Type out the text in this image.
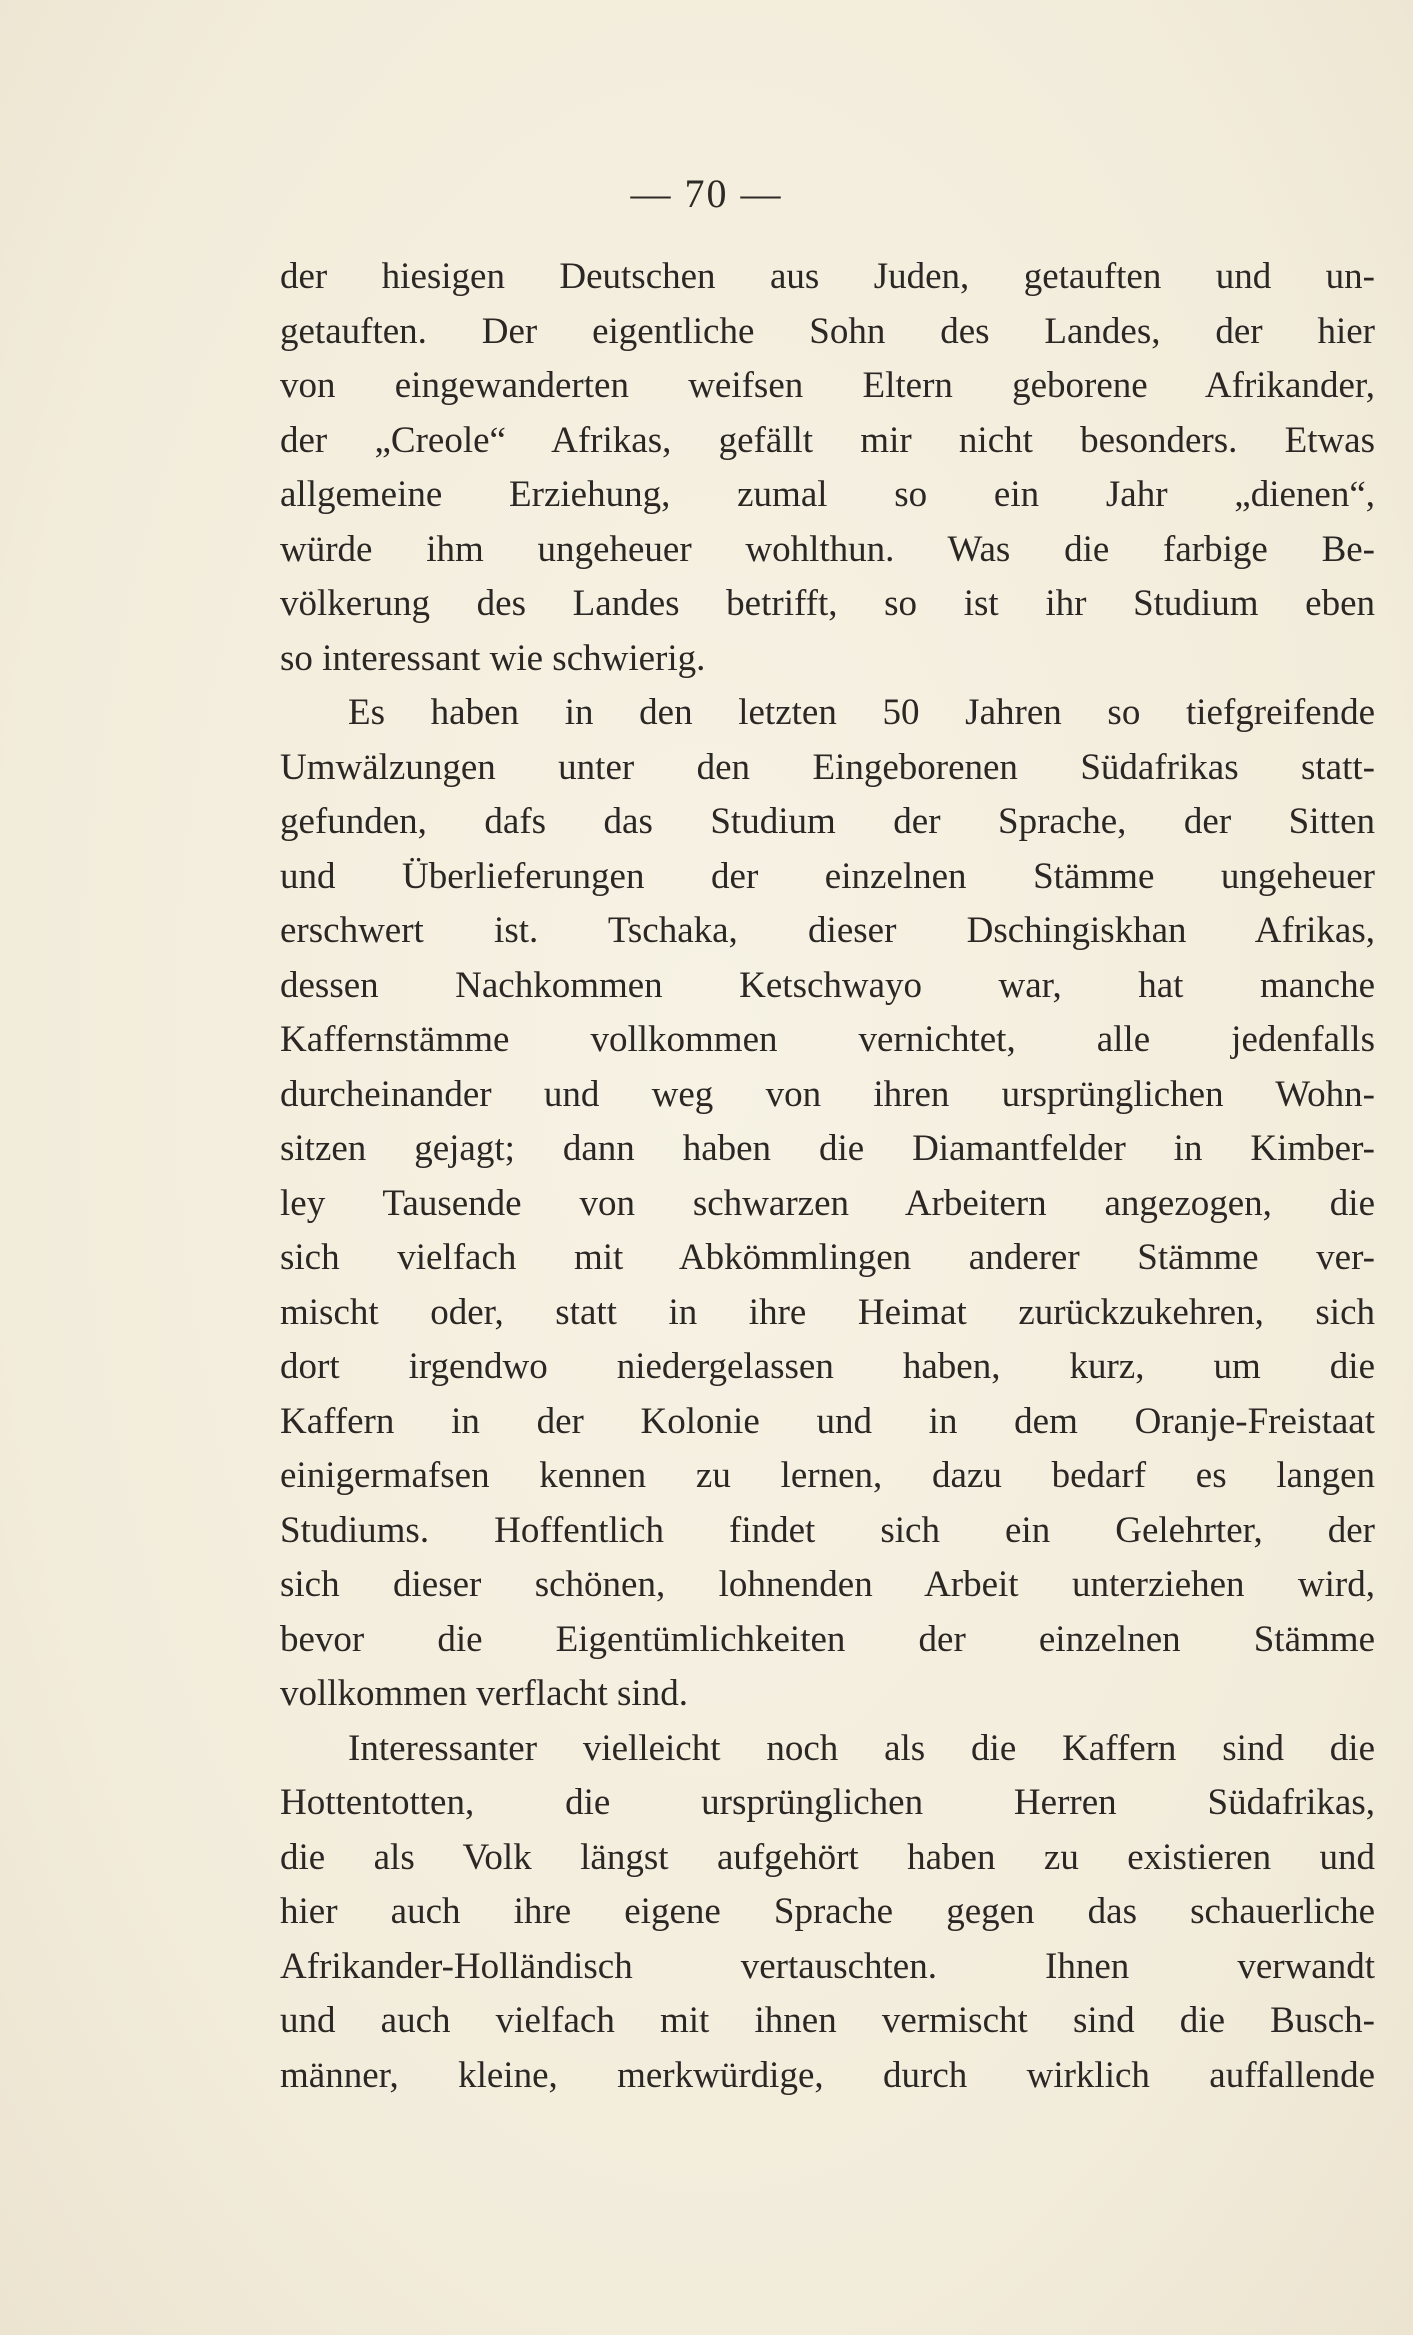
— 70 —
der hiesigen Deutschen aus Juden, getauften und un-
getauften. Der eigentliche Sohn des Landes, der hier
von eingewanderten weifsen Eltern geborene Afrikander,
der „Creole“ Afrikas, gefällt mir nicht besonders. Etwas
allgemeine Erziehung, zumal so ein Jahr „dienen“,
würde ihm ungeheuer wohlthun. Was die farbige Be-
völkerung des Landes betrifft, so ist ihr Studium eben
so interessant wie schwierig.
Es haben in den letzten 50 Jahren so tiefgreifende
Umwälzungen unter den Eingeborenen Südafrikas statt-
gefunden, dafs das Studium der Sprache, der Sitten
und Überlieferungen der einzelnen Stämme ungeheuer
erschwert ist. Tschaka, dieser Dschingiskhan Afrikas,
dessen Nachkommen Ketschwayo war, hat manche
Kaffernstämme vollkommen vernichtet, alle jedenfalls
durcheinander und weg von ihren ursprünglichen Wohn-
sitzen gejagt; dann haben die Diamantfelder in Kimber-
ley Tausende von schwarzen Arbeitern angezogen, die
sich vielfach mit Abkömmlingen anderer Stämme ver-
mischt oder, statt in ihre Heimat zurückzukehren, sich
dort irgendwo niedergelassen haben, kurz, um die
Kaffern in der Kolonie und in dem Oranje-Freistaat
einigermafsen kennen zu lernen, dazu bedarf es langen
Studiums. Hoffentlich findet sich ein Gelehrter, der
sich dieser schönen, lohnenden Arbeit unterziehen wird,
bevor die Eigentümlichkeiten der einzelnen Stämme
vollkommen verflacht sind.
Interessanter vielleicht noch als die Kaffern sind die
Hottentotten, die ursprünglichen Herren Südafrikas,
die als Volk längst aufgehört haben zu existieren und
hier auch ihre eigene Sprache gegen das schauerliche
Afrikander-Holländisch vertauschten. Ihnen verwandt
und auch vielfach mit ihnen vermischt sind die Busch-
männer, kleine, merkwürdige, durch wirklich auffallende
